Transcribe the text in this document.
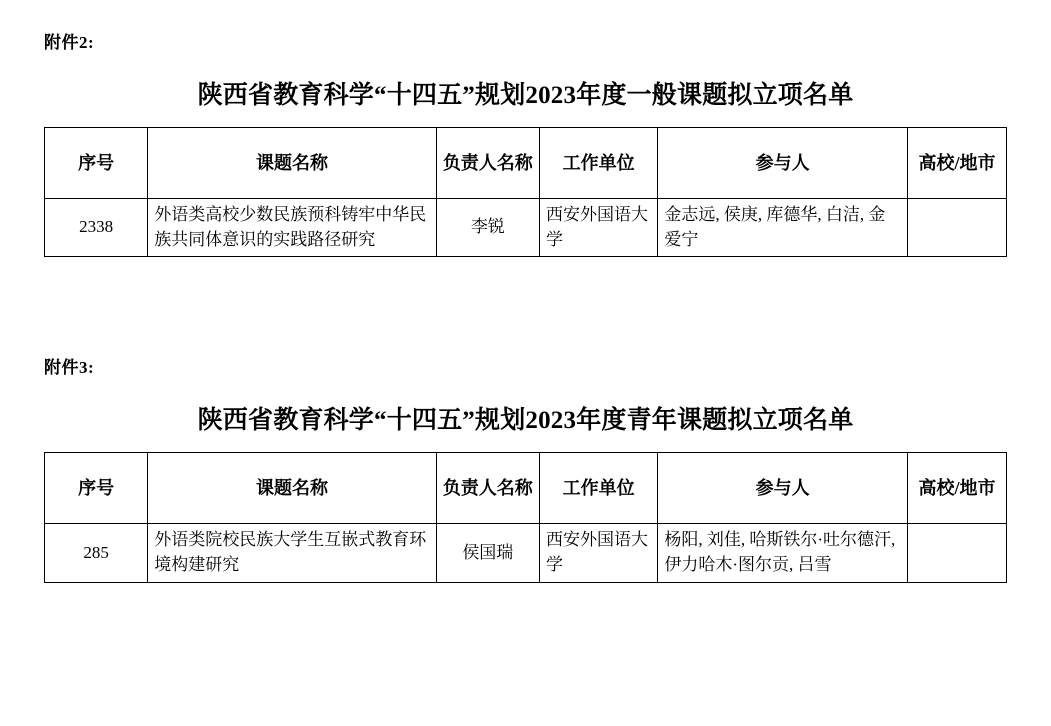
附件2:
陕西省教育科学“十四五”规划2023年度一般课题拟立项名单
序号	课题名称	负责人名称	工作单位	参与人	高校/地市
2338	外语类高校少数民族预科铸牢中华民族共同体意识的实践路径研究	李锐	西安外国语大学	金志远, 侯庚, 库德华, 白洁, 金爱宁	
附件3:
陕西省教育科学“十四五”规划2023年度青年课题拟立项名单
序号	课题名称	负责人名称	工作单位	参与人	高校/地市
285	外语类院校民族大学生互嵌式教育环境构建研究	侯国瑞	西安外国语大学	杨阳, 刘佳, 哈斯铁尔·吐尔德汗, 伊力哈木·图尔贡, 吕雪	
